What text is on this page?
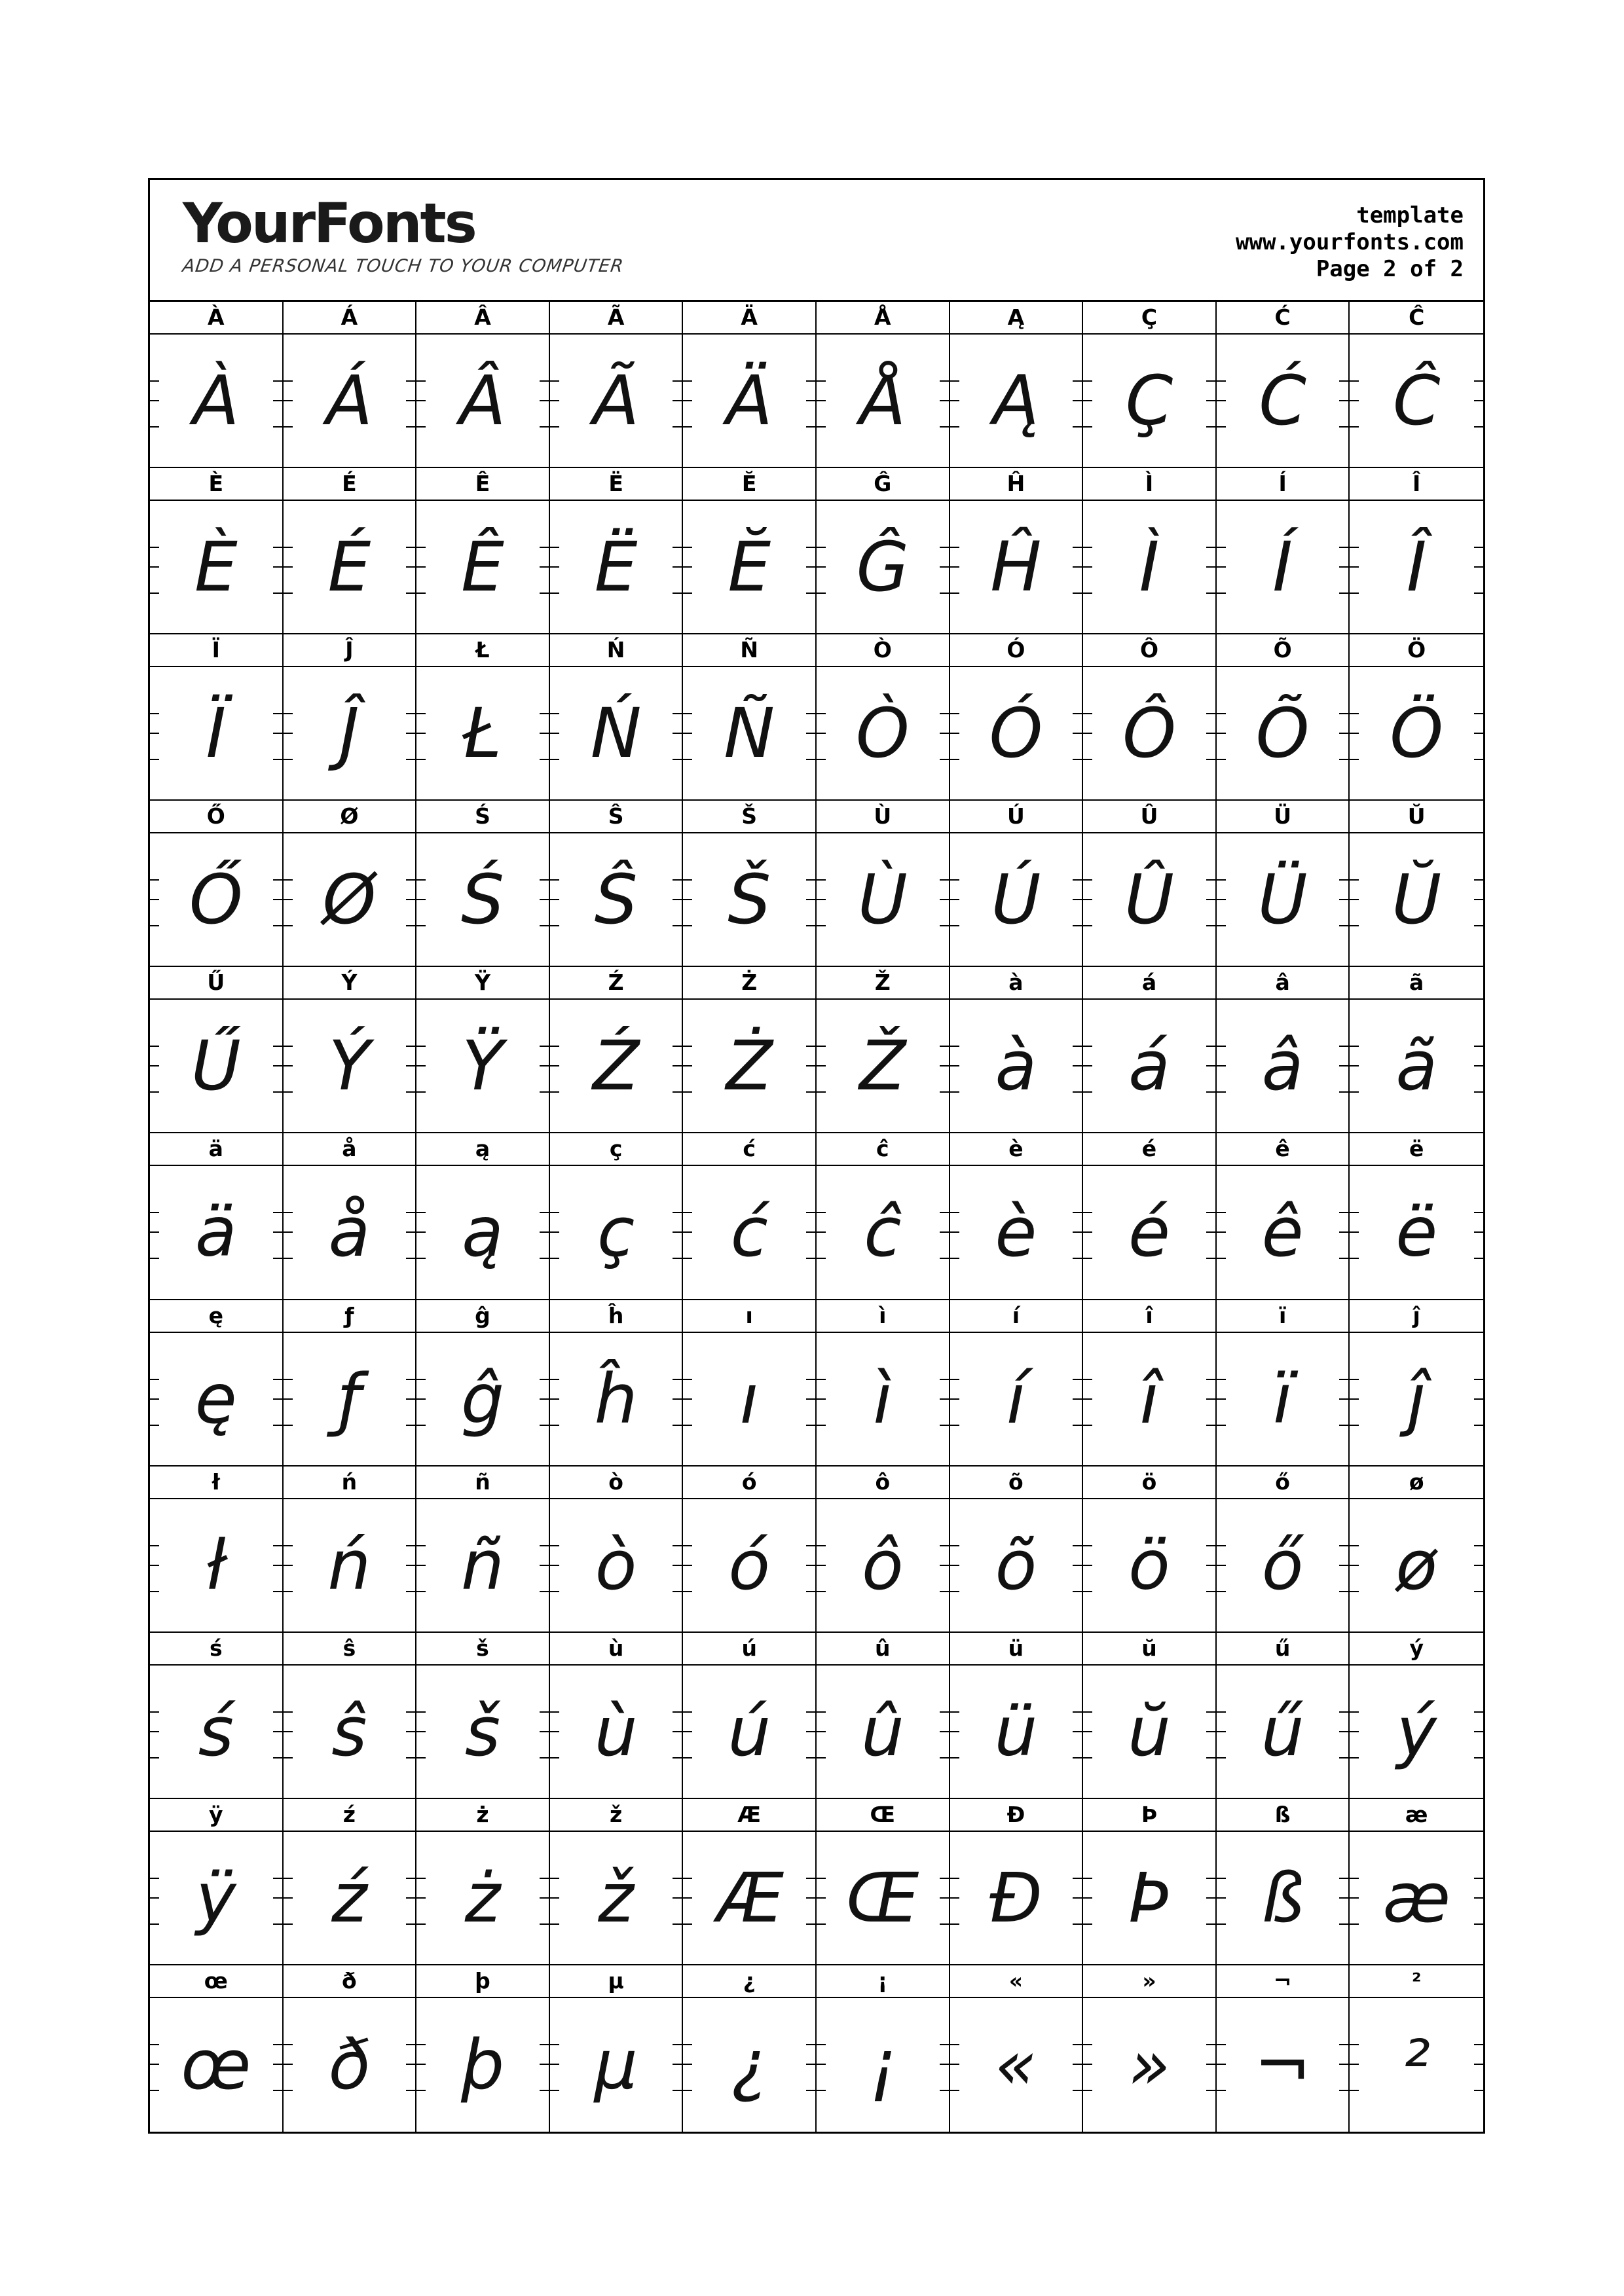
YourFonts
ADD A PERSONAL TOUCH TO YOUR COMPUTER
template
www.yourfonts.com
Page 2 of 2
À
À
Á
Á
Â
Â
Ã
Ã
Ä
Ä
Å
Å
Ą
Ą
Ç
Ç
Ć
Ć
Ĉ
Ĉ
È
È
É
É
Ê
Ê
Ë
Ë
Ĕ
Ĕ
Ĝ
Ĝ
Ĥ
Ĥ
Ì
Ì
Í
Í
Î
Î
Ï
Ï
Ĵ
Ĵ
Ł
Ł
Ń
Ń
Ñ
Ñ
Ò
Ò
Ó
Ó
Ô
Ô
Õ
Õ
Ö
Ö
Ő
Ő
Ø
Ø
Ś
Ś
Ŝ
Ŝ
Š
Š
Ù
Ù
Ú
Ú
Û
Û
Ü
Ü
Ŭ
Ŭ
Ű
Ű
Ý
Ý
Ÿ
Ÿ
Ź
Ź
Ż
Ż
Ž
Ž
à
à
á
á
â
â
ã
ã
ä
ä
å
å
ą
ą
ç
ç
ć
ć
ĉ
ĉ
è
è
é
é
ê
ê
ë
ë
ę
ę
ƒ
ƒ
ĝ
ĝ
ĥ
ĥ
ı
ı
ì
ì
í
í
î
î
ï
ï
ĵ
ĵ
ł
ł
ń
ń
ñ
ñ
ò
ò
ó
ó
ô
ô
õ
õ
ö
ö
ő
ő
ø
ø
ś
ś
ŝ
ŝ
š
š
ù
ù
ú
ú
û
û
ü
ü
ŭ
ŭ
ű
ű
ý
ý
ÿ
ÿ
ź
ź
ż
ż
ž
ž
Æ
Æ
Œ
Œ
Đ
Đ
Þ
Þ
ß
ß
æ
æ
œ
œ
ð
ð
þ
þ
µ
µ
¿
¿
¡
¡
«
«
»
»
¬
¬
²
²
